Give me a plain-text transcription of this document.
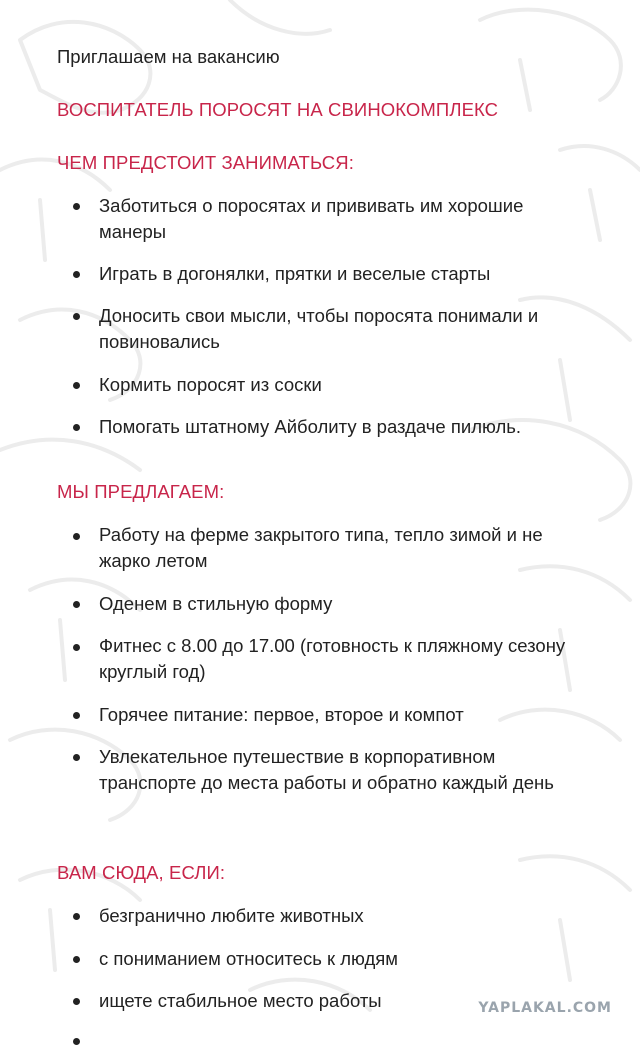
Приглашаем на вакансию
ВОСПИТАТЕЛЬ ПОРОСЯТ НА СВИНОКОМПЛЕКС
ЧЕМ ПРЕДСТОИТ ЗАНИМАТЬСЯ:
Заботиться о поросятах и прививать им хорошие манеры
Играть в догонялки, прятки и веселые старты
Доносить свои мысли, чтобы поросята понимали и повиновались
Кормить поросят из соски
Помогать штатному Айболиту в раздаче пилюль.
МЫ ПРЕДЛАГАЕМ:
Работу на ферме закрытого типа, тепло зимой и не жарко летом
Оденем в стильную форму
Фитнес с 8.00 до 17.00 (готовность к пляжному сезону круглый год)
Горячее питание: первое, второе и компот
Увлекательное путешествие в корпоративном транспорте до места работы и обратно каждый день
ВАМ СЮДА, ЕСЛИ:
безгранично любите животных
с пониманием относитесь к людям
ищете стабильное место работы	YAPLAKAL.COM
